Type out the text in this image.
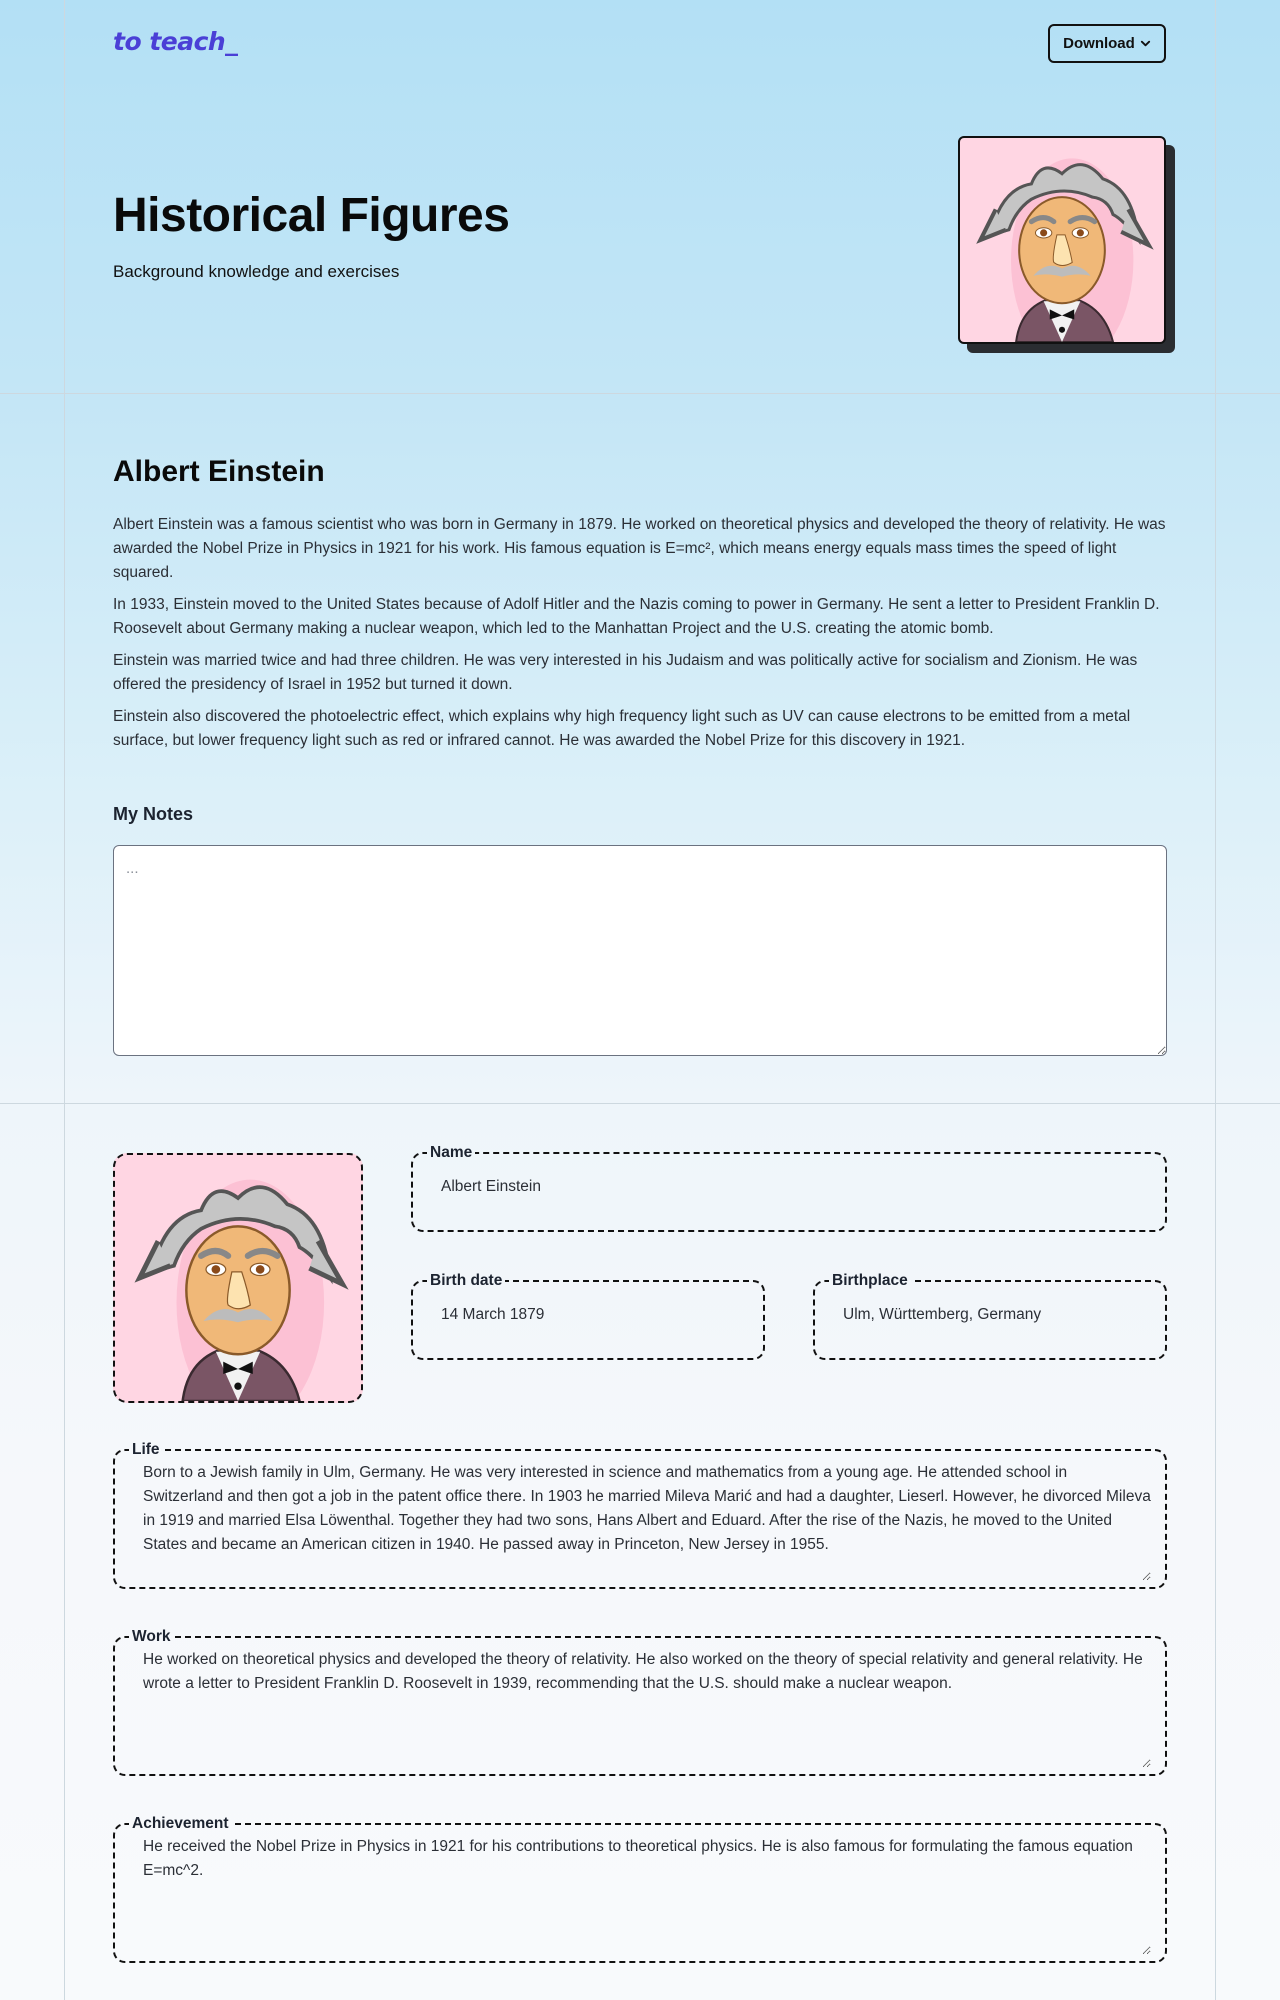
to teach_	Download
Historical Figures
Background knowledge and exercises
Albert Einstein

Albert Einstein was a famous scientist who was born in Germany in 1879. He worked on theoretical physics and developed the theory of relativity. He was awarded the Nobel Prize in Physics in 1921 for his work. His famous equation is E=mc², which means energy equals mass times the speed of light squared.

In 1933, Einstein moved to the United States because of Adolf Hitler and the Nazis coming to power in Germany. He sent a letter to President Franklin D. Roosevelt about Germany making a nuclear weapon, which led to the Manhattan Project and the U.S. creating the atomic bomb.

Einstein was married twice and had three children. He was very interested in his Judaism and was politically active for socialism and Zionism. He was offered the presidency of Israel in 1952 but turned it down.

Einstein also discovered the photoelectric effect, which explains why high frequency light such as UV can cause electrons to be emitted from a metal surface, but lower frequency light such as red or infrared cannot. He was awarded the Nobel Prize for this discovery in 1921.

My Notes
...
Name
Albert Einstein
Birth date
14 March 1879
Birthplace
Ulm, Württemberg, Germany
Life
Born to a Jewish family in Ulm, Germany. He was very interested in science and mathematics from a young age. He attended school in Switzerland and then got a job in the patent office there. In 1903 he married Mileva Marić and had a daughter, Lieserl. However, he divorced Mileva in 1919 and married Elsa Löwenthal. Together they had two sons, Hans Albert and Eduard. After the rise of the Nazis, he moved to the United States and became an American citizen in 1940. He passed away in Princeton, New Jersey in 1955.
Work
He worked on theoretical physics and developed the theory of relativity. He also worked on the theory of special relativity and general relativity. He wrote a letter to President Franklin D. Roosevelt in 1939, recommending that the U.S. should make a nuclear weapon.
Achievement
He received the Nobel Prize in Physics in 1921 for his contributions to theoretical physics. He is also famous for formulating the famous equation E=mc^2.
